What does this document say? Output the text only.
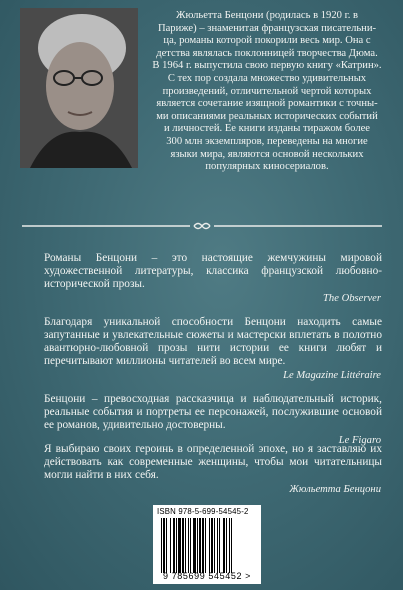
Жюльетта Бенцони (родилась в 1920 г. в
Париже) – знаменитая французская писательни-
ца, романы которой покорили весь мир. Она с
детства являлась поклонницей творчества Дюма.
В 1964 г. выпустила свою первую книгу «Катрин».
С тех пор создала множество удивительных
произведений, отличительной чертой которых
является сочетание изящной романтики с точны-
ми описаниями реальных исторических событий
и личностей. Ее книги изданы тиражом более
300 млн экземпляров, переведены на многие
языки мира, являются основой нескольких
популярных киносериалов.
Романы Бенцони – это настоящие жемчужины мировой художественной литературы, классика французской любовно-исторической прозы.
The Observer
Благодаря уникальной способности Бенцони находить самые запутанные и увлекательные сюжеты и мастерски вплетать в полотно авантюрно-любовной прозы нити истории ее книги любят и перечитывают миллионы читателей во всем мире.
Le Magazine Littéraire
Бенцони – превосходная рассказчица и наблюдательный историк, реальные события и портреты ее персонажей, послужившие основой ее романов, удивительно достоверны.
Le Figaro
Я выбираю своих героинь в определенной эпохе, но я заставляю их действовать как современные женщины, чтобы мои читательницы могли найти в них себя.
Жюльетта Бенцони
ISBN 978-5-699-54545-2
9 785699 545452 >
